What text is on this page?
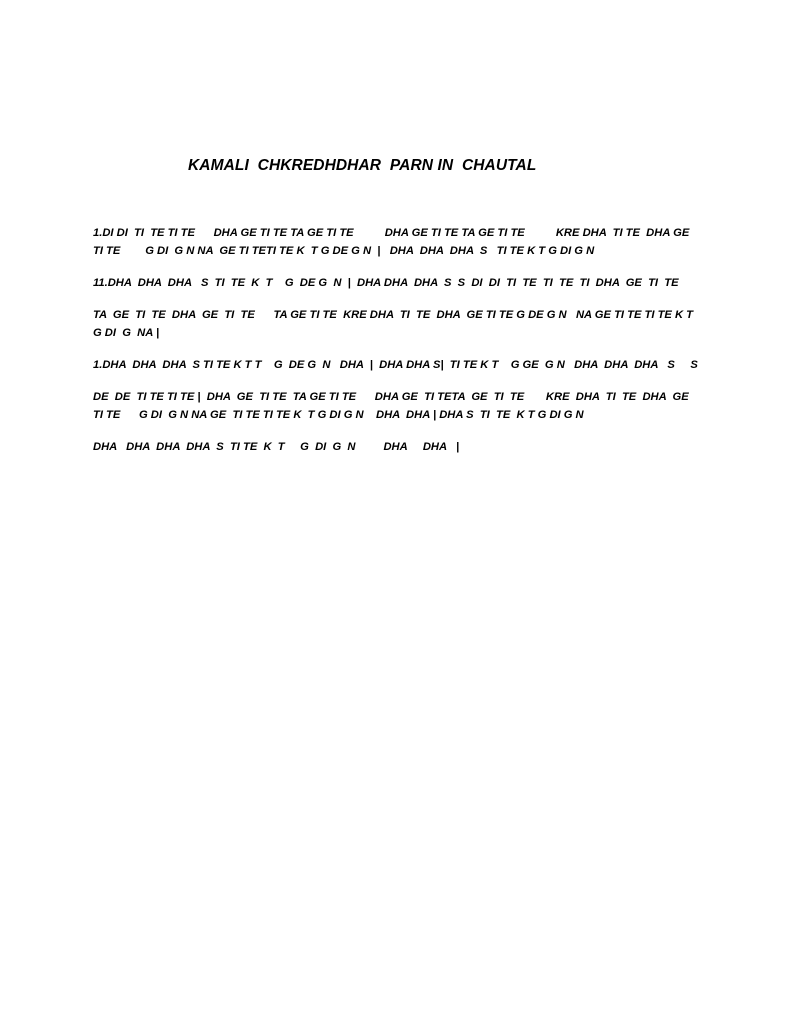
KAMALI  CHKREDHDHAR  PARN IN  CHAUTAL

1.DI DI  TI  TE TI TE      DHA GE TI TE TA GE TI TE          DHA GE TI TE TA GE TI TE          KRE DHA  TI TE  DHA GE
TI TE        G DI  G N NA  GE TI TETI TE K  T G DE G N  |   DHA  DHA  DHA  S   TI TE K T G DI G N

11.DHA  DHA  DHA   S  TI  TE  K  T    G  DE G  N  |  DHA DHA  DHA  S  S  DI  DI  TI  TE  TI  TE  TI  DHA  GE  TI  TE

TA  GE  TI  TE  DHA  GE  TI  TE      TA GE TI TE  KRE DHA  TI  TE  DHA  GE TI TE G DE G N   NA GE TI TE TI TE K T
G DI  G  NA |

1.DHA  DHA  DHA  S TI TE K T T    G  DE G  N   DHA  |  DHA DHA S|  TI TE K T    G GE  G N   DHA  DHA  DHA   S     S

DE  DE  TI TE TI TE |  DHA  GE  TI TE  TA GE TI TE      DHA GE  TI TETA  GE  TI  TE       KRE  DHA  TI  TE  DHA  GE
TI TE      G DI  G N NA GE  TI TE TI TE K  T G DI G N    DHA  DHA | DHA S  TI  TE  K T G DI G N

DHA   DHA  DHA  DHA  S  TI TE  K  T     G  DI  G  N         DHA     DHA   |
